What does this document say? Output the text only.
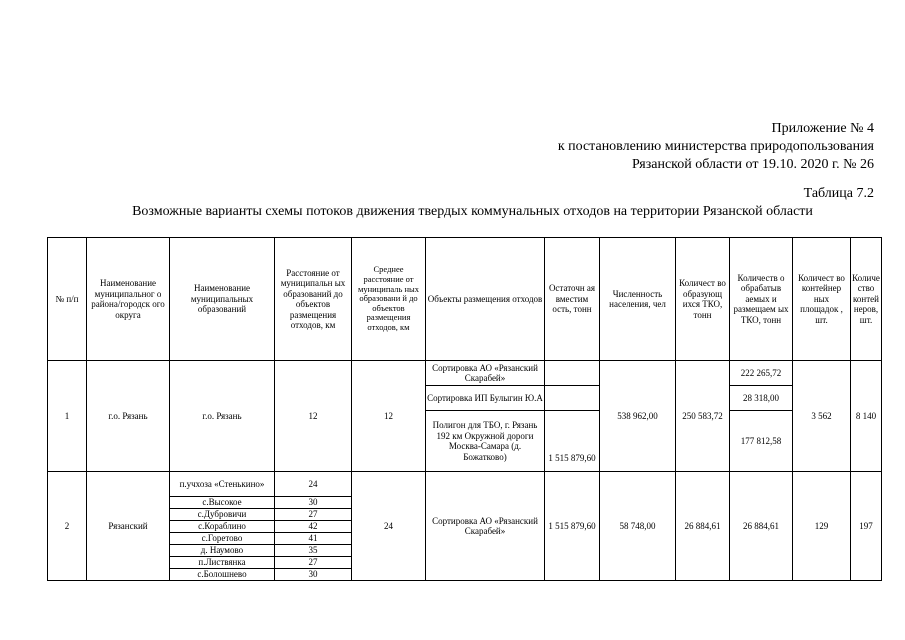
Приложение № 4
к постановлению министерства природопользования
Рязанской области от 19.10. 2020 г. № 26
Таблица 7.2
Возможные варианты схемы потоков движения твердых коммунальных отходов на территории Рязанской области
№ п/п	Наименование муниципальног о района/городск ого округа	Наименование муниципальных образований	Расстояние от муниципальн ых образований до объектов размещения отходов, км	Среднее расстояние от муниципаль ных образовани й до объектов размещения отходов, км	Объекты размещения отходов	Остаточн ая вместим ость, тонн	Численность населения, чел	Количест во образующ ихся ТКО, тонн	Количеств о обрабатыв аемых и размещаем ых ТКО, тонн	Количест во контейнер ных площадок , шт.	Количе ство контей неров, шт.
1	г.о. Рязань	г.о. Рязань	12	12	Сортировка АО «Рязанский Скарабей»		538 962,00	250 583,72	222 265,72	3 562	8 140
					Сортировка ИП Булыгин Ю.А				28 318,00		
					Полигон для ТБО, г. Рязань 192 км Окружной дороги Москва-Самара (д. Божатково)	1 515 879,60			177 812,58		
2	Рязанский	п.учхоза «Стенькино»	24	24	Сортировка АО «Рязанский Скарабей»	1 515 879,60	58 748,00	26 884,61	26 884,61	129	197
		с.Высокое	30								
		с.Дубровичи	27								
		с.Кораблино	42								
		с.Горетово	41								
		д. Наумово	35								
		п.Листвянка	27								
		с.Болошнево	30								
